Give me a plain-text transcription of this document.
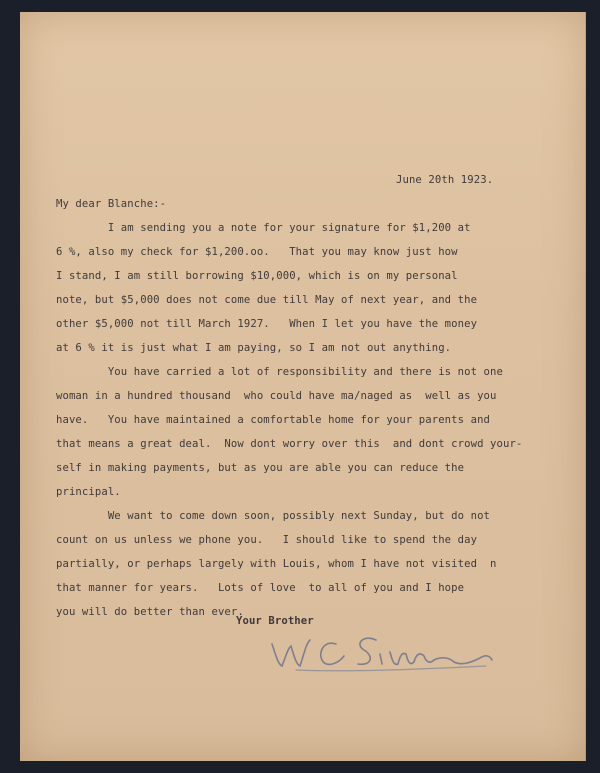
June 20th 1923.
My dear Blanche:-
I am sending you a note for your signature for $1,200 at
6 %, also my check for $1,200.oo.   That you may know just how
I stand, I am still borrowing $10,000, which is on my personal
note, but $5,000 does not come due till May of next year, and the
other $5,000 not till March 1927.   When I let you have the money
at 6 % it is just what I am paying, so I am not out anything.
You have carried a lot of responsibility and there is not one
woman in a hundred thousand  who could have ma/naged as  well as you
have.   You have maintained a comfortable home for your parents and
that means a great deal.  Now dont worry over this  and dont crowd your-
self in making payments, but as you are able you can reduce the
principal.
We want to come down soon, possibly next Sunday, but do not
count on us unless we phone you.   I should like to spend the day
partially, or perhaps largely with Louis, whom I have not visited  n
that manner for years.   Lots of love  to all of you and I hope
you will do better than ever.
Your Brother
